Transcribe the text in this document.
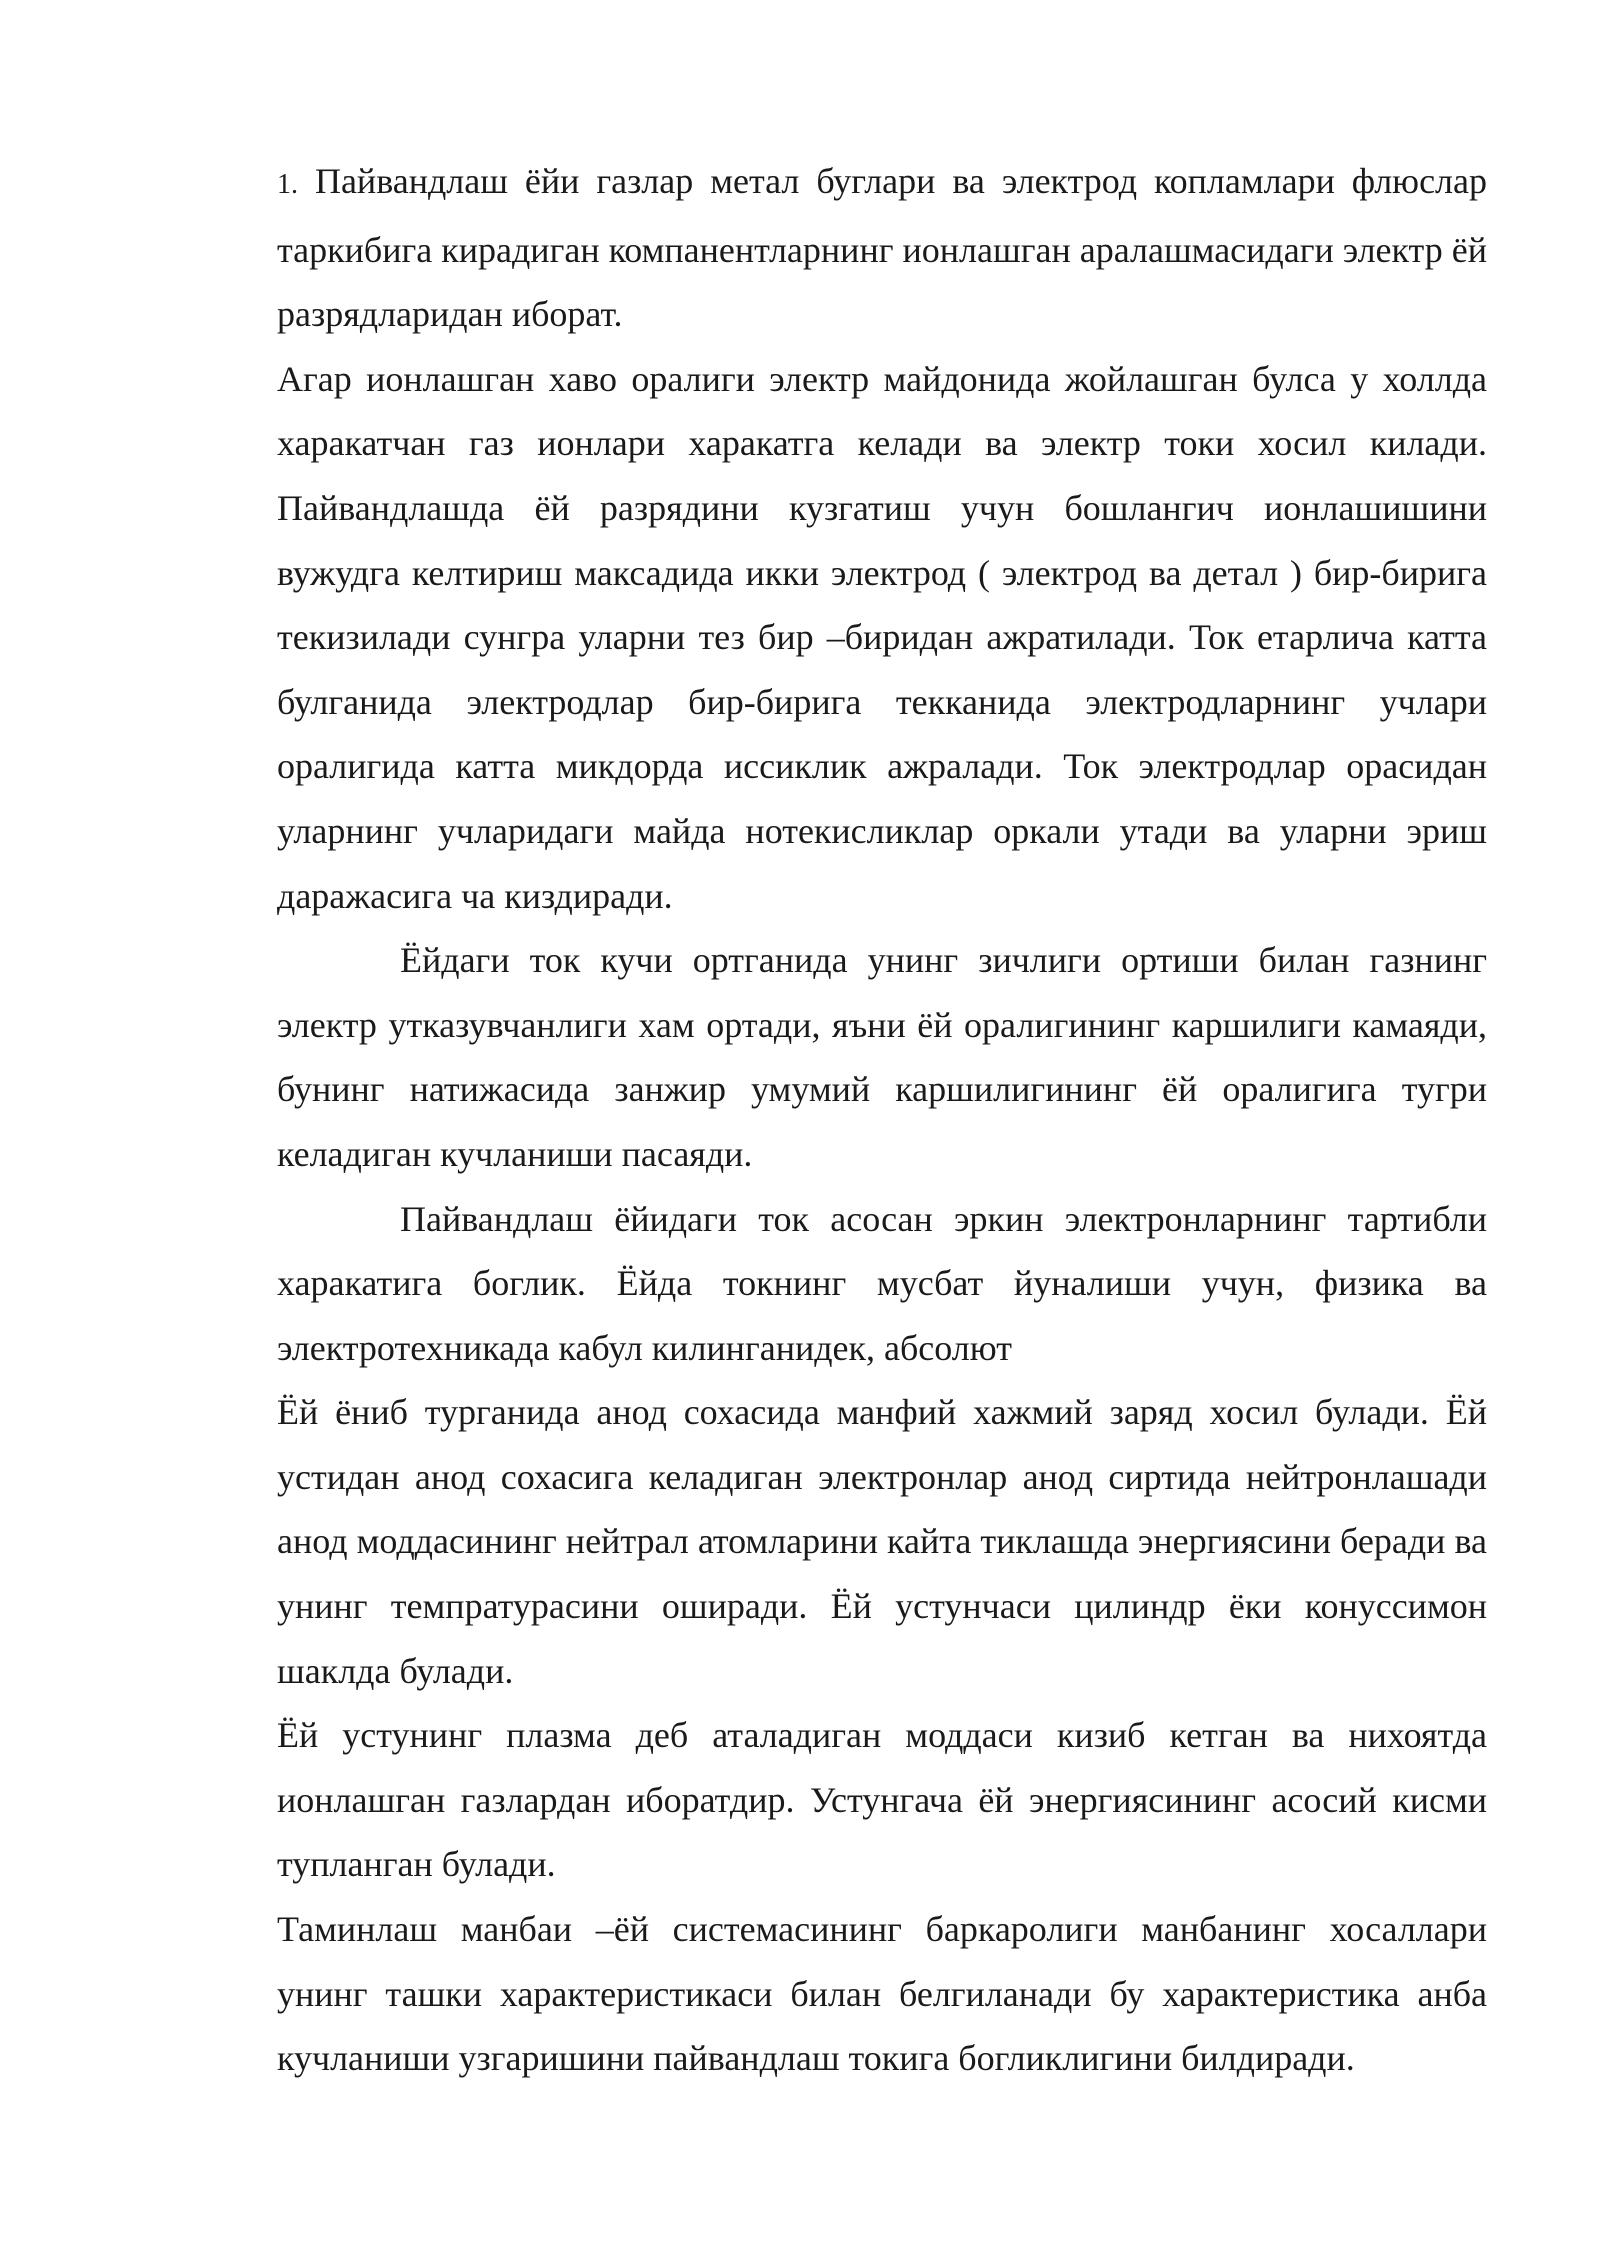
1. Пайвандлаш ёйи газлар метал буглари ва электрод копламлари флюслар таркибига кирадиган компанентларнинг ионлашган аралашмасидаги электр ёй разрядларидан иборат.

Агар ионлашган хаво оралиги электр майдонида жойлашган булса у холлда харакатчан газ ионлари харакатга келади ва электр токи хосил килади. Пайвандлашда ёй разрядини кузгатиш учун бошлангич ионлашишини вужудга келтириш максадида икки электрод ( электрод ва детал ) бир-бирига текизилади сунгра уларни тез бир –биридан ажратилади. Ток етарлича катта булганида электродлар бир-бирига текканида электродларнинг учлари оралигида катта микдорда иссиклик ажралади. Ток электродлар орасидан уларнинг учларидаги майда нотекисликлар оркали утади ва уларни эриш даражасига ча киздиради.

Ёйдаги ток кучи ортганида унинг зичлиги ортиши билан газнинг электр утказувчанлиги хам ортади, яъни ёй оралигининг каршилиги камаяди, бунинг натижасида занжир умумий каршилигининг ёй оралигига тугри келадиган кучланиши пасаяди.

Пайвандлаш ёйидаги ток асосан эркин электронларнинг тартибли харакатига боглик. Ёйда токнинг мусбат йуналиши учун, физика ва электротехникада кабул килинганидек, абсолют

Ёй ёниб турганида анод сохасида манфий хажмий заряд хосил булади. Ёй устидан анод сохасига келадиган электронлар анод сиртида нейтронлашади анод моддасининг нейтрал атомларини кайта тиклашда энергиясини беради ва унинг темпратурасини оширади. Ёй устунчаси цилиндр ёки конуссимон шаклда булади.

Ёй устунинг плазма деб аталадиган моддаси кизиб кетган ва нихоятда ионлашган газлардан иборатдир. Устунгача ёй энергиясининг асосий кисми тупланган булади.

Таминлаш манбаи –ёй системасининг баркаролиги манбанинг хосаллари унинг ташки характеристикаси билан белгиланади бу характеристика анба кучланиши узгаришини пайвандлаш токига богликлигини билдиради.
